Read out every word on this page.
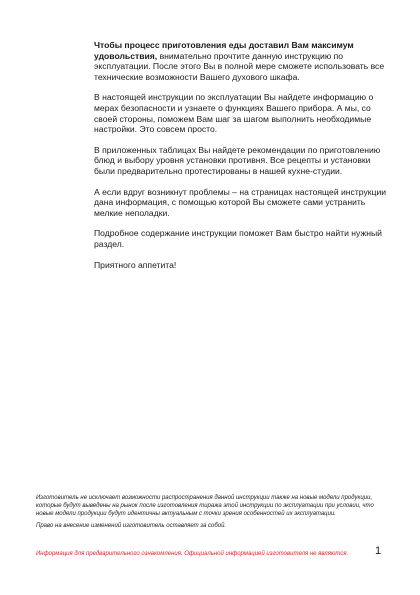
Чтобы процесс приготовления еды доставил Вам максимум удовольствия, внимательно прочтите данную инструкцию по эксплуатации. После этого Вы в полной мере сможете использовать все технические возможности Вашего духового шкафа.

В настоящей инструкции по эксплуатации Вы найдете информацию о мерах безопасности и узнаете о функциях Вашего прибора. А мы, со своей стороны, поможем Вам шаг за шагом выполнить необходимые настройки. Это совсем просто.

В приложенных таблицах Вы найдете рекомендации по приготовлению блюд и выбору уровня установки противня. Все рецепты и установки были предварительно протестированы в нашей кухне-студии.

А если вдруг возникнут проблемы – на страницах настоящей инструкции дана информация, с помощью которой Вы сможете сами устранить мелкие неполадки.

Подробное содержание инструкции поможет Вам быстро найти нужный раздел.

Приятного аппетита!

Изготовитель не исключает возможности распространения данной инструкции также на новые модели продукции, которые будут выведены на рынок после изготовления тиража этой инструкции по эксплуатации при условии, что новые модели продукции будут идентичны актуальным с точки зрения особенностей их эксплуатации.

Право на внесение изменений изготовитель оставляет за собой.

Информация для предварительного ознакомления. Официальной информацией изготовителя не являются. 1
